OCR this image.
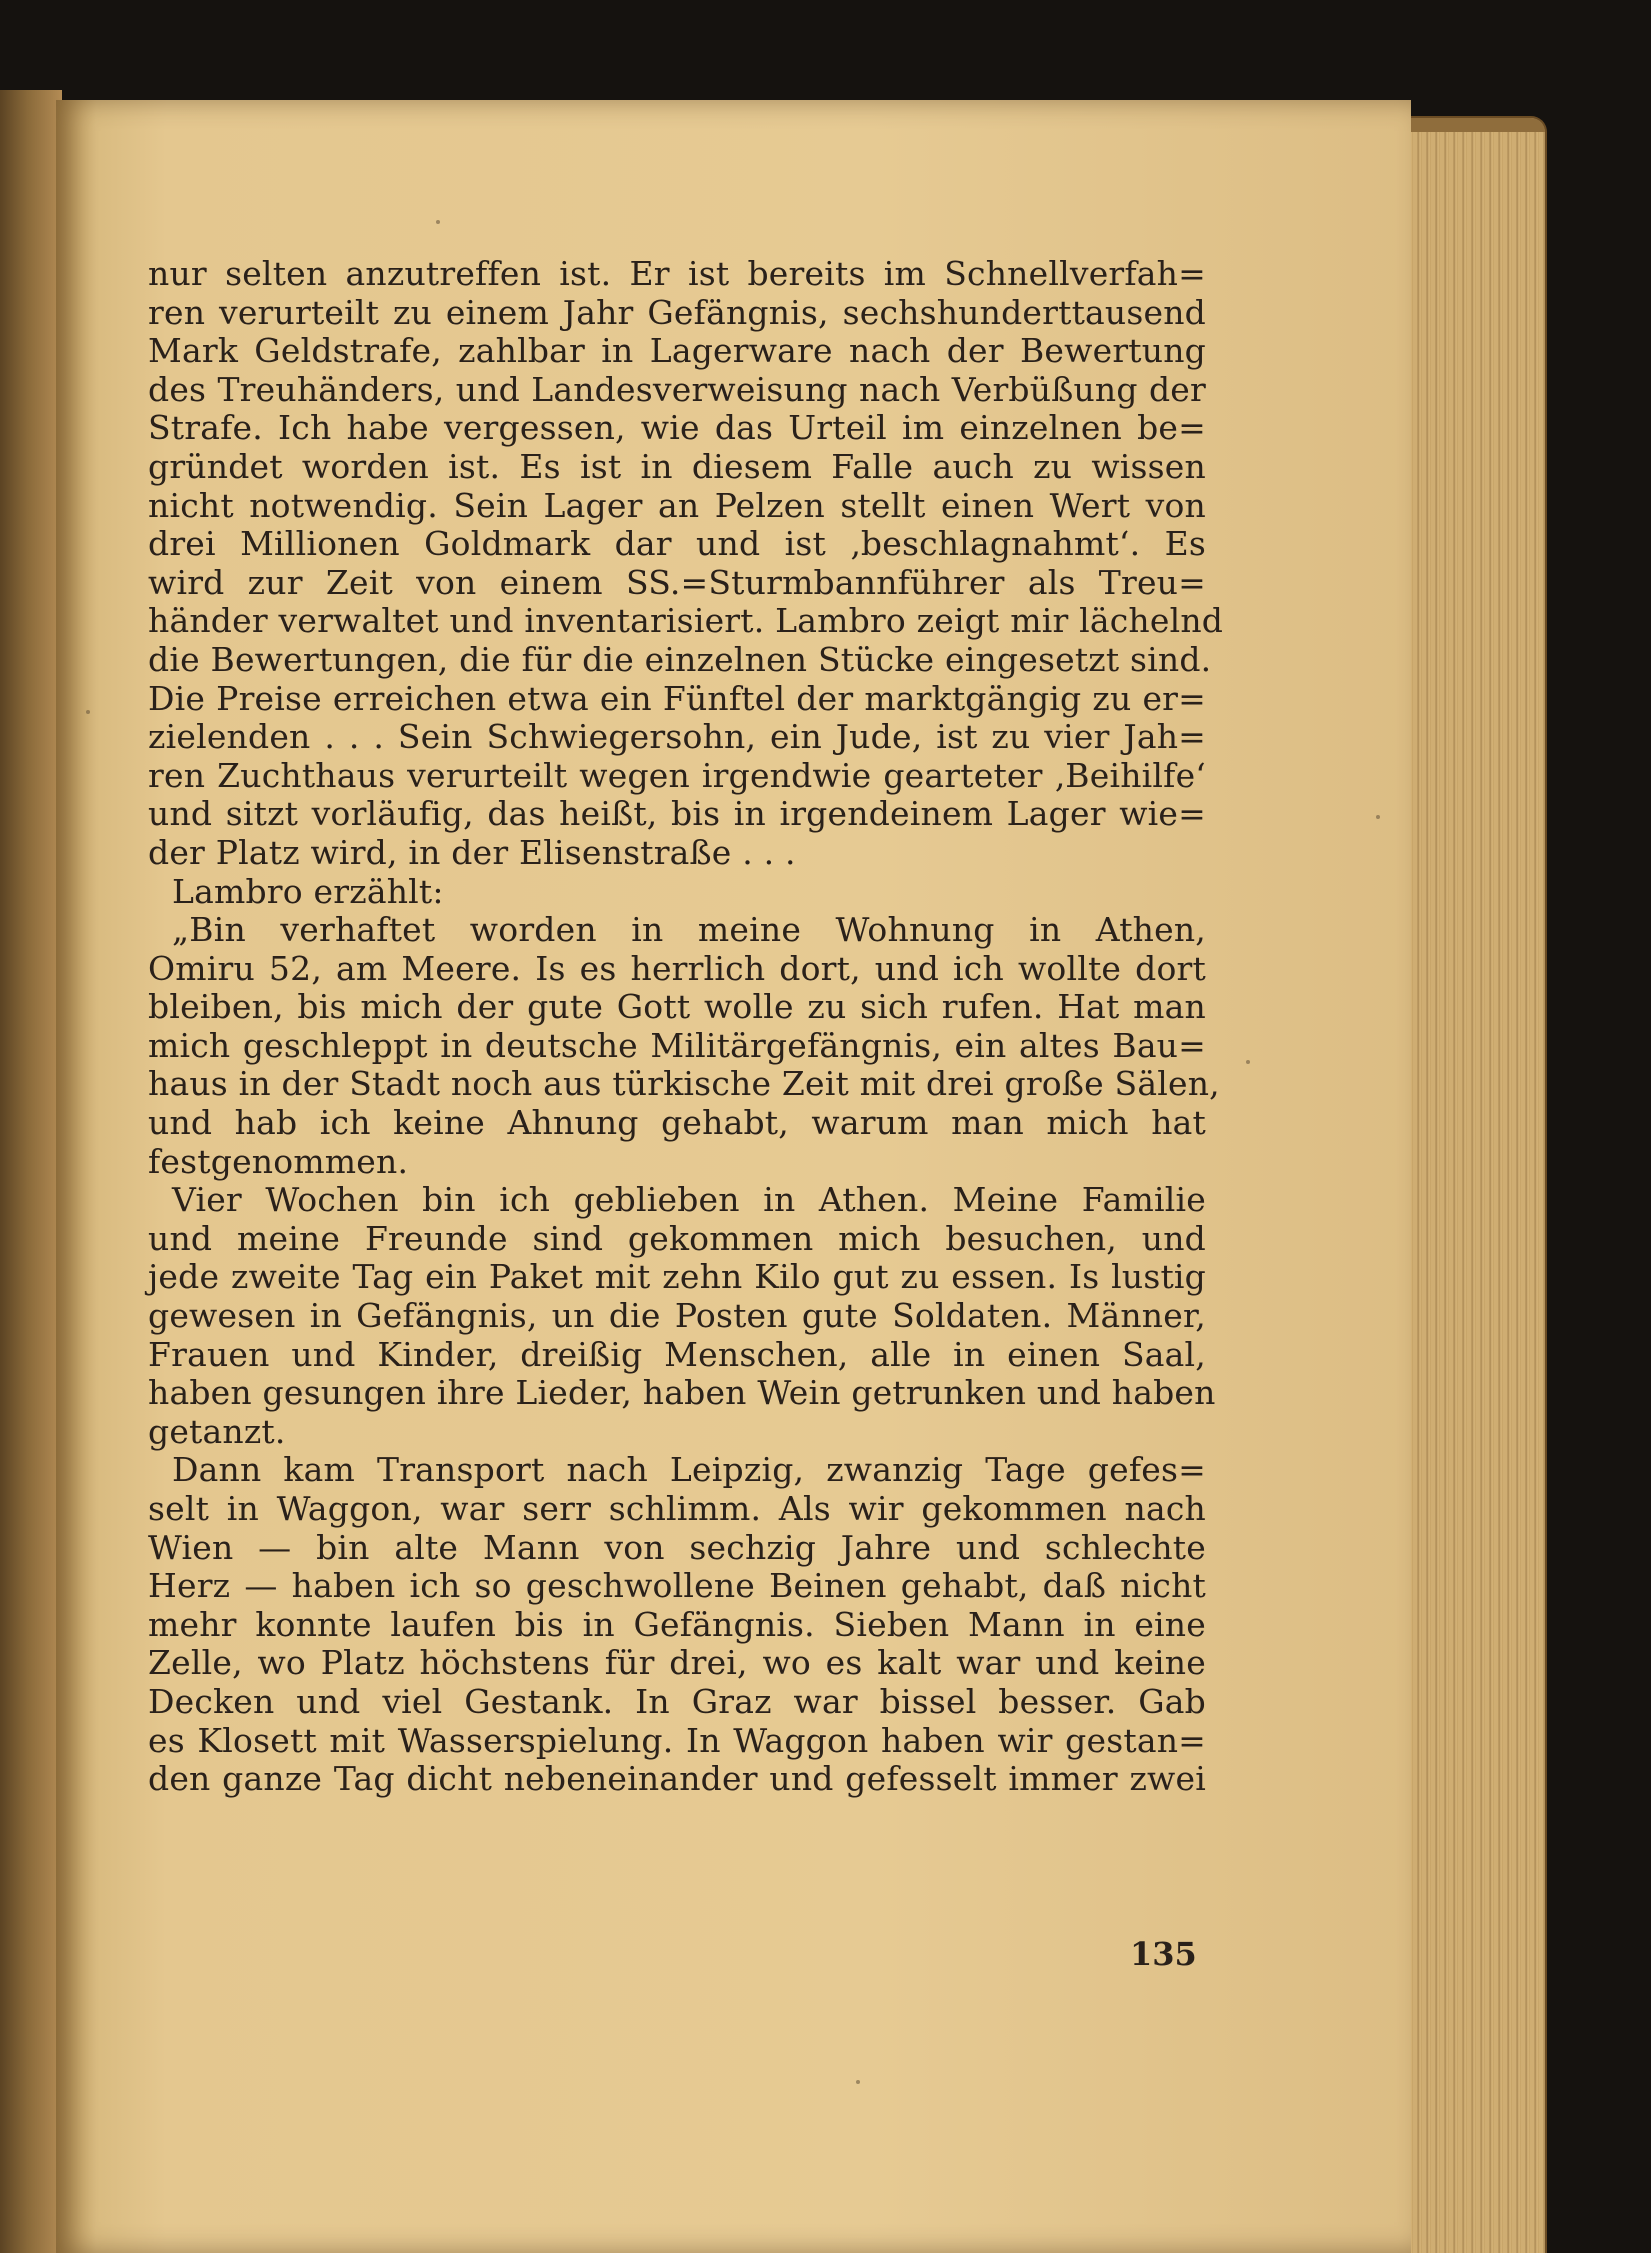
nur selten anzutreffen ist. Er ist bereits im Schnellverfah=
ren verurteilt zu einem Jahr Gefängnis, sechshunderttausend
Mark Geldstrafe, zahlbar in Lagerware nach der Bewertung
des Treuhänders, und Landesverweisung nach Verbüßung der
Strafe. Ich habe vergessen, wie das Urteil im einzelnen be=
gründet worden ist. Es ist in diesem Falle auch zu wissen
nicht notwendig. Sein Lager an Pelzen stellt einen Wert von
drei Millionen Goldmark dar und ist ‚beschlagnahmt‘. Es
wird zur Zeit von einem SS.=Sturmbannführer als Treu=
händer verwaltet und inventarisiert. Lambro zeigt mir lächelnd
die Bewertungen, die für die einzelnen Stücke eingesetzt sind.
Die Preise erreichen etwa ein Fünftel der marktgängig zu er=
zielenden . . . Sein Schwiegersohn, ein Jude, ist zu vier Jah=
ren Zuchthaus verurteilt wegen irgendwie gearteter ‚Beihilfe‘
und sitzt vorläufig, das heißt, bis in irgendeinem Lager wie=
der Platz wird, in der Elisenstraße . . .
Lambro erzählt:
„Bin verhaftet worden in meine Wohnung in Athen,
Omiru 52, am Meere. Is es herrlich dort, und ich wollte dort
bleiben, bis mich der gute Gott wolle zu sich rufen. Hat man
mich geschleppt in deutsche Militärgefängnis, ein altes Bau=
haus in der Stadt noch aus türkische Zeit mit drei große Sälen,
und hab ich keine Ahnung gehabt, warum man mich hat
festgenommen.
Vier Wochen bin ich geblieben in Athen. Meine Familie
und meine Freunde sind gekommen mich besuchen, und
jede zweite Tag ein Paket mit zehn Kilo gut zu essen. Is lustig
gewesen in Gefängnis, un die Posten gute Soldaten. Männer,
Frauen und Kinder, dreißig Menschen, alle in einen Saal,
haben gesungen ihre Lieder, haben Wein getrunken und haben
getanzt.
Dann kam Transport nach Leipzig, zwanzig Tage gefes=
selt in Waggon, war serr schlimm. Als wir gekommen nach
Wien — bin alte Mann von sechzig Jahre und schlechte
Herz — haben ich so geschwollene Beinen gehabt, daß nicht
mehr konnte laufen bis in Gefängnis. Sieben Mann in eine
Zelle, wo Platz höchstens für drei, wo es kalt war und keine
Decken und viel Gestank. In Graz war bissel besser. Gab
es Klosett mit Wasserspielung. In Waggon haben wir gestan=
den ganze Tag dicht nebeneinander und gefesselt immer zwei
135
